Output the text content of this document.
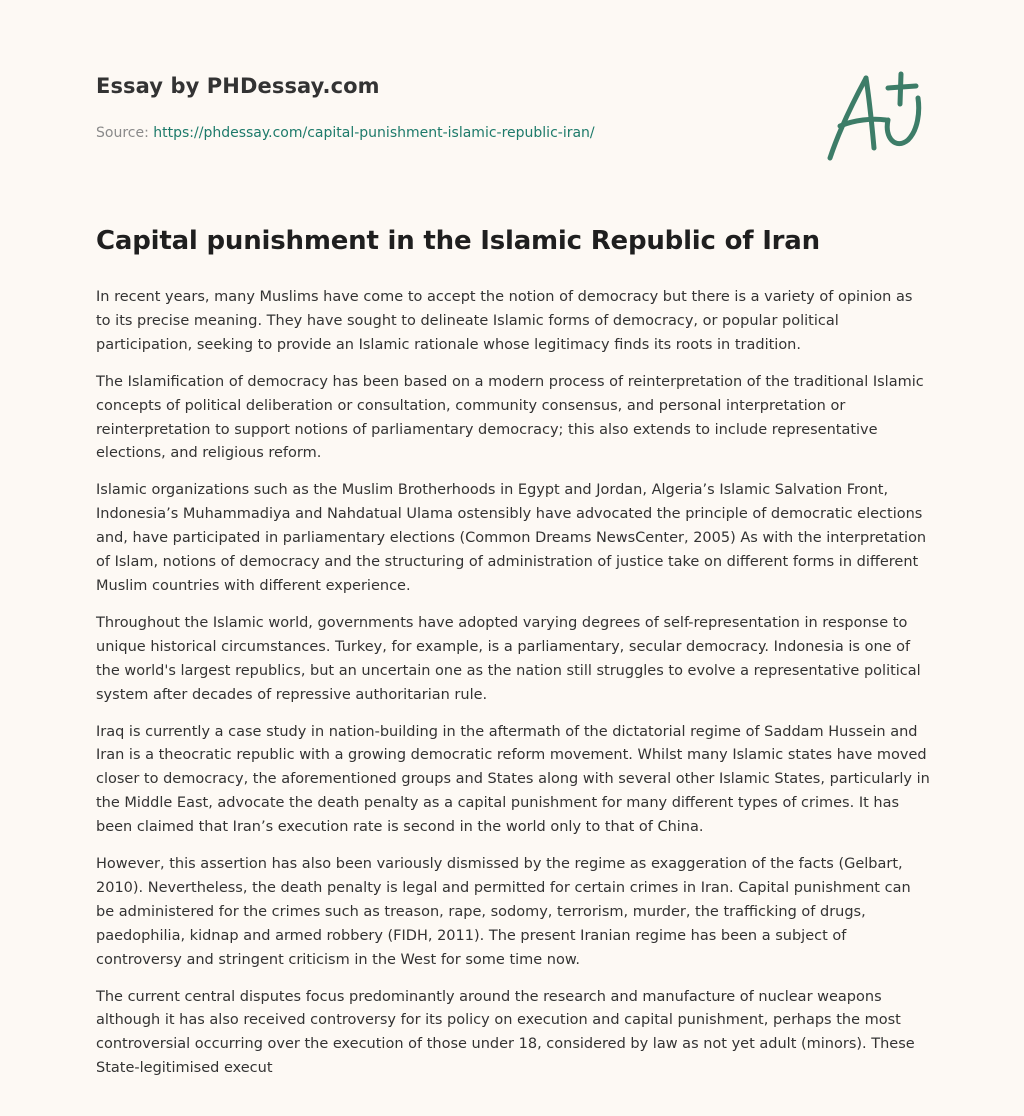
Essay by PHDessay.com
Source: https://phdessay.com/capital-punishment-islamic-republic-iran/
Capital punishment in the Islamic Republic of Iran

In recent years, many Muslims have come to accept the notion of democracy but there is a variety of opinion as to its precise meaning. They have sought to delineate Islamic forms of democracy, or popular political participation, seeking to provide an Islamic rationale whose legitimacy finds its roots in tradition.

The Islamification of democracy has been based on a modern process of reinterpretation of the traditional Islamic concepts of political deliberation or consultation, community consensus, and personal interpretation or reinterpretation to support notions of parliamentary democracy; this also extends to include representative elections, and religious reform.

Islamic organizations such as the Muslim Brotherhoods in Egypt and Jordan, Algeria’s Islamic Salvation Front, Indonesia’s Muhammadiya and Nahdatual Ulama ostensibly have advocated the principle of democratic elections and, have participated in parliamentary elections (Common Dreams NewsCenter, 2005) As with the interpretation of Islam, notions of democracy and the structuring of administration of justice take on different forms in different Muslim countries with different experience.

Throughout the Islamic world, governments have adopted varying degrees of self-representation in response to unique historical circumstances. Turkey, for example, is a parliamentary, secular democracy. Indonesia is one of the world's largest republics, but an uncertain one as the nation still struggles to evolve a representative political system after decades of repressive authoritarian rule.

Iraq is currently a case study in nation-building in the aftermath of the dictatorial regime of Saddam Hussein and Iran is a theocratic republic with a growing democratic reform movement. Whilst many Islamic states have moved closer to democracy, the aforementioned groups and States along with several other Islamic States, particularly in the Middle East, advocate the death penalty as a capital punishment for many different types of crimes. It has been claimed that Iran’s execution rate is second in the world only to that of China.

However, this assertion has also been variously dismissed by the regime as exaggeration of the facts (Gelbart, 2010). Nevertheless, the death penalty is legal and permitted for certain crimes in Iran. Capital punishment can be administered for the crimes such as treason, rape, sodomy, terrorism, murder, the trafficking of drugs, paedophilia, kidnap and armed robbery (FIDH, 2011). The present Iranian regime has been a subject of controversy and stringent criticism in the West for some time now.

The current central disputes focus predominantly around the research and manufacture of nuclear weapons although it has also received controversy for its policy on execution and capital punishment, perhaps the most controversial occurring over the execution of those under 18, considered by law as not yet adult (minors). These State-legitimised execut
